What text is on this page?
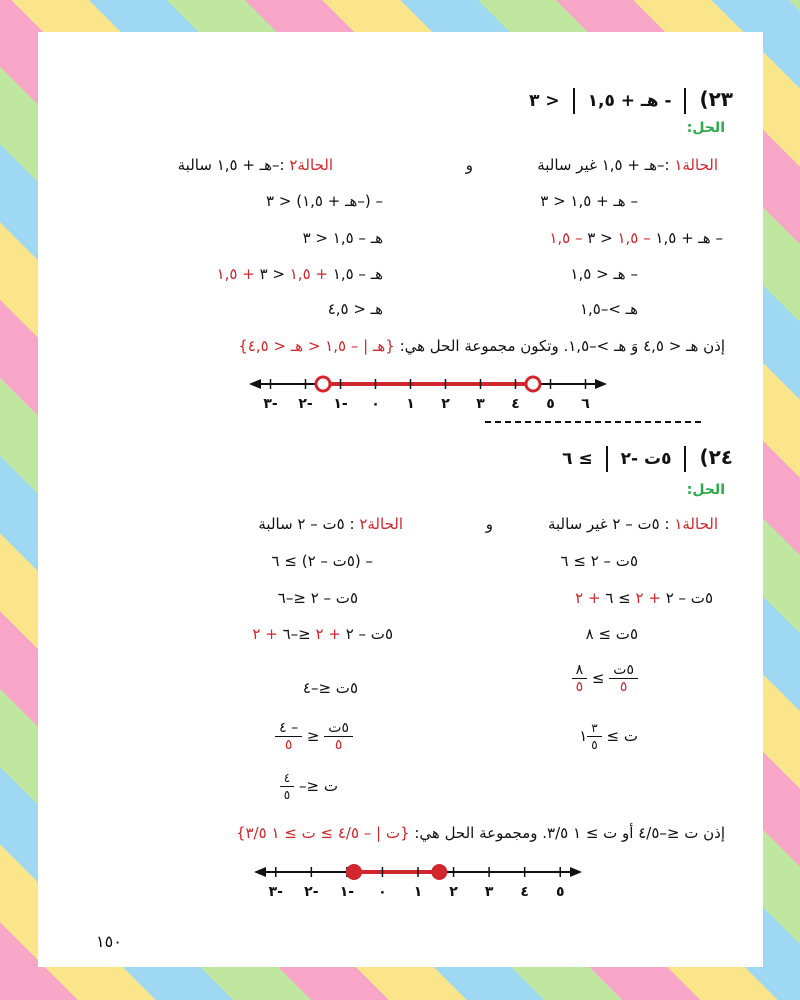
٢٣)  - هـ + ١,٥  < ٣
الحل:
الحالة١ :–هـ + ١,٥ غير سالبة
و
الحالة٢ :–هـ + ١,٥ سالبة
– هـ + ١,٥ < ٣
– هـ + ١,٥ – ١,٥ < ٣ – ١,٥
– هـ < ١,٥
هـ >–١,٥
– (–هـ + ١,٥) < ٣
هـ – ١,٥ < ٣
هـ – ١,٥ + ١,٥ < ٣ + ١,٥
هـ < ٤,٥
إذن هـ < ٤,٥ وَ هـ >–١,٥. وتكون مجموعة الحل هي: {هـ | – ١,٥ < هـ < ٤,٥}
٣- ٢- ١- ٠ ١ ٢ ٣ ٤ ٥ ٦
٢٤)  ٥ت -٢  ≥ ٦
الحل:
الحالة١ : ٥ت – ٢ غير سالبة
و
الحالة٢ : ٥ت – ٢ سالبة
٥ت – ٢ ≥ ٦
٥ت – ٢ + ٢ ≥ ٦ + ٢
٥ت ≥ ٨
$\frac{\text{٥ت}}{٥}$
≥
$\frac{٨}{٥}$
ت ≥
$\frac{٣}{٥}$
١
– (٥ت – ٢) ≥ ٦
٥ت – ٢ ≤–٦
٥ت – ٢ + ٢ ≤–٦ + ٢
٥ت ≤–٤
$\frac{\text{٥ت}}{٥}$
≤
$\frac{- ٤}{٥}$
ت ≤–
$\frac{٤}{٥}$
إذن ت ≤–٤/٥ أو ت ≥ ١ ٣/٥. ومجموعة الحل هي: {ت | – ٤/٥ ≥ ت ≥ ١ ٣/٥}
٣- ٢- ١- ٠ ١ ٢ ٣ ٤ ٥
١٥٠
